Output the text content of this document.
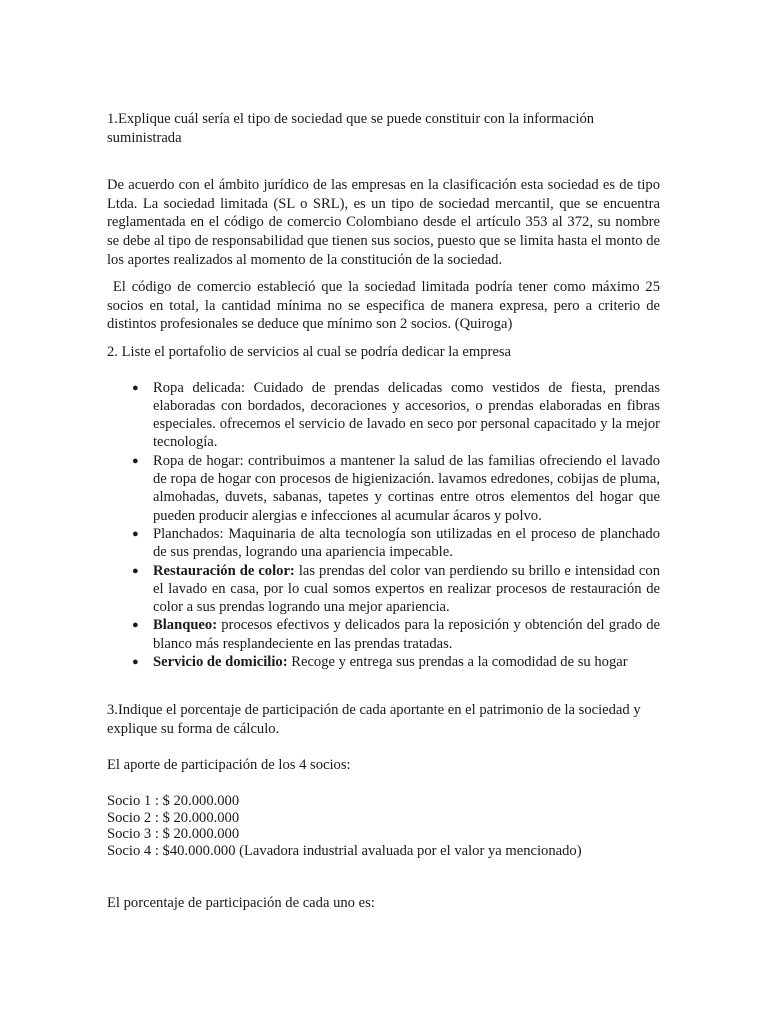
1.Explique cuál sería el tipo de sociedad que se puede constituir con la información suministrada

De acuerdo con el ámbito jurídico de las empresas en la clasificación esta sociedad es de tipo Ltda. La sociedad limitada (SL o SRL), es un tipo de sociedad mercantil, que se encuentra reglamentada en el código de comercio Colombiano desde el artículo 353 al 372, su nombre se debe al tipo de responsabilidad que tienen sus socios, puesto que se limita hasta el monto de los aportes realizados al momento de la constitución de la sociedad.

El código de comercio estableció que la sociedad limitada podría tener como máximo 25 socios en total, la cantidad mínima no se especifica de manera expresa, pero a criterio de distintos profesionales se deduce que mínimo son 2 socios. (Quiroga)

2. Liste el portafolio de servicios al cual se podría dedicar la empresa

● Ropa delicada: Cuidado de prendas delicadas como vestidos de fiesta, prendas elaboradas con bordados, decoraciones y accesorios, o prendas elaboradas en fibras especiales. ofrecemos el servicio de lavado en seco por personal capacitado y la mejor tecnología.
● Ropa de hogar: contribuimos a mantener la salud de las familias ofreciendo el lavado de ropa de hogar con procesos de higienización. lavamos edredones, cobijas de pluma, almohadas, duvets, sabanas, tapetes y cortinas entre otros elementos del hogar que pueden producir alergias e infecciones al acumular ácaros y polvo.
● Planchados: Maquinaria de alta tecnología son utilizadas en el proceso de planchado de sus prendas, logrando una apariencia impecable.
● Restauración de color: las prendas del color van perdiendo su brillo e intensidad con el lavado en casa, por lo cual somos expertos en realizar procesos de restauración de color a sus prendas logrando una mejor apariencia.
● Blanqueo: procesos efectivos y delicados para la reposición y obtención del grado de blanco más resplandeciente en las prendas tratadas.
● Servicio de domicilio: Recoge y entrega sus prendas a la comodidad de su hogar

3.Indique el porcentaje de participación de cada aportante en el patrimonio de la sociedad y explique su forma de cálculo.

El aporte de participación de los 4 socios:

Socio 1 : $ 20.000.000

Socio 2 : $ 20.000.000

Socio 3 : $ 20.000.000

Socio 4 : $40.000.000 (Lavadora industrial avaluada por el valor ya mencionado)

El porcentaje de participación de cada uno es:
